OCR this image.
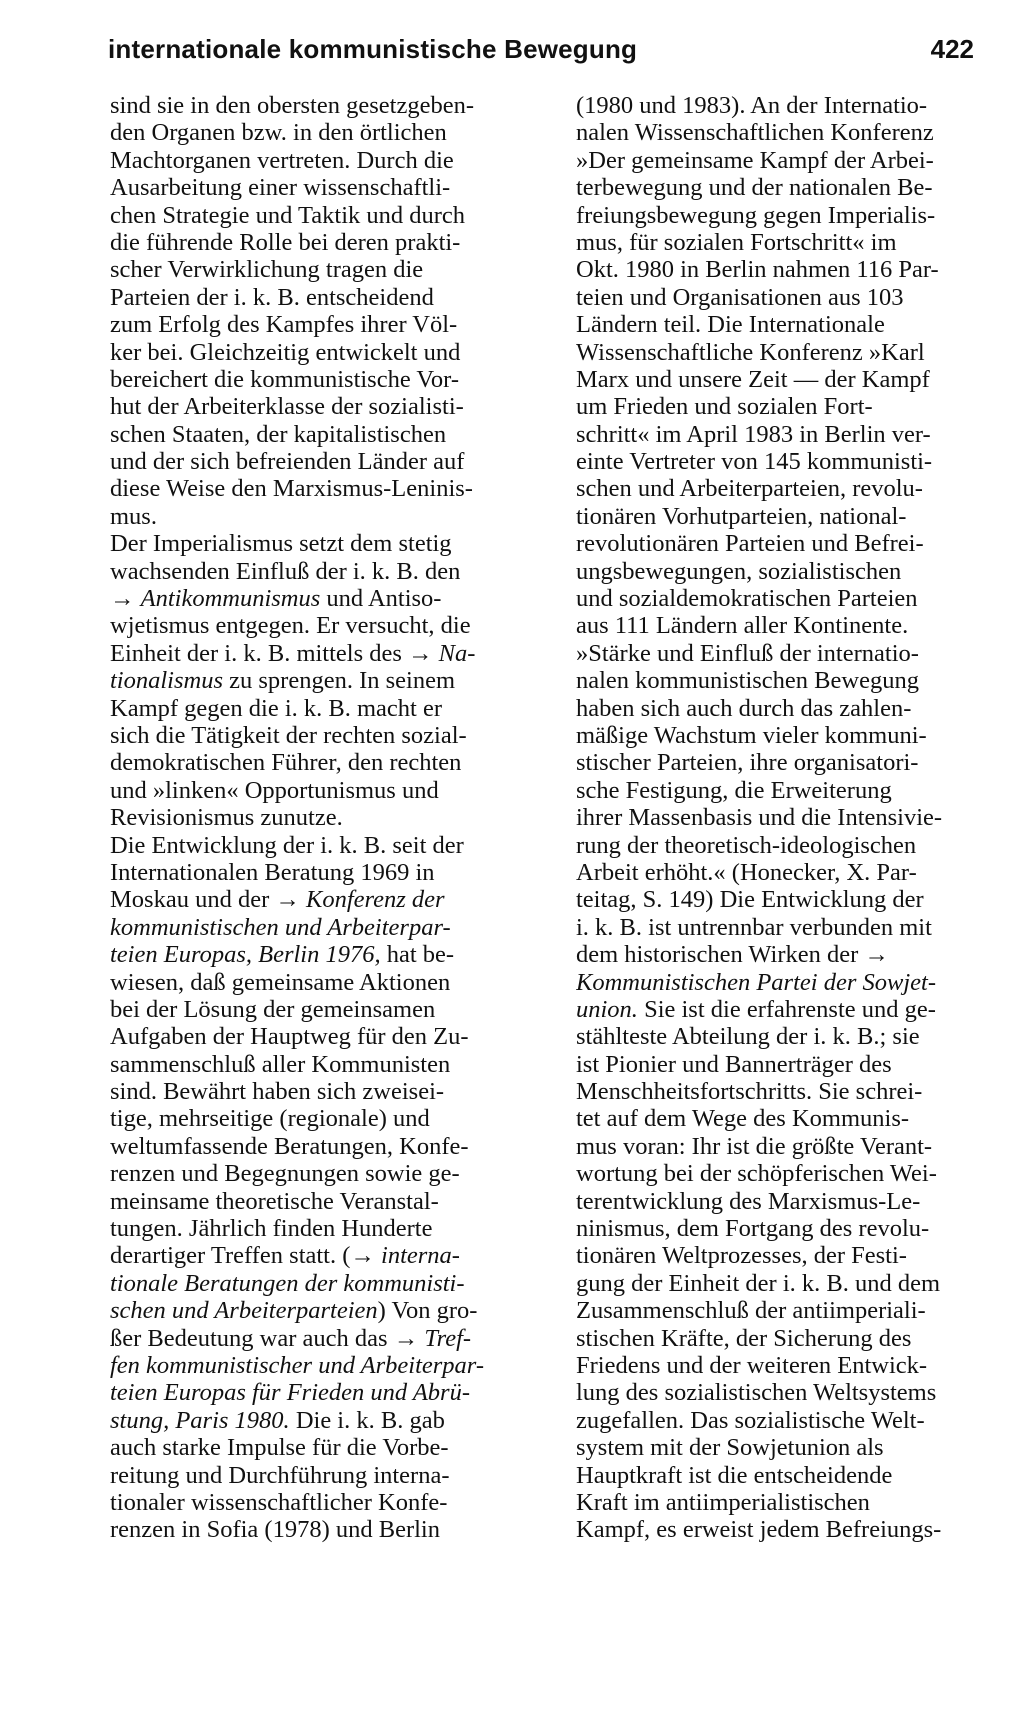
internationale kommunistische Bewegung	422
sind sie in den obersten gesetzgeben-
den Organen bzw. in den örtlichen
Machtorganen vertreten. Durch die
Ausarbeitung einer wissenschaftli-
chen Strategie und Taktik und durch
die führende Rolle bei deren prakti-
scher Verwirklichung tragen die
Parteien der i. k. B. entscheidend
zum Erfolg des Kampfes ihrer Völ-
ker bei. Gleichzeitig entwickelt und
bereichert die kommunistische Vor-
hut der Arbeiterklasse der sozialisti-
schen Staaten, der kapitalistischen
und der sich befreienden Länder auf
diese Weise den Marxismus-Leninis-
mus.
Der Imperialismus setzt dem stetig
wachsenden Einfluß der i. k. B. den
→ Antikommunismus und Antiso-
wjetismus entgegen. Er versucht, die
Einheit der i. k. B. mittels des → Na-
tionalismus zu sprengen. In seinem
Kampf gegen die i. k. B. macht er
sich die Tätigkeit der rechten sozial-
demokratischen Führer, den rechten
und »linken« Opportunismus und
Revisionismus zunutze.
Die Entwicklung der i. k. B. seit der
Internationalen Beratung 1969 in
Moskau und der → Konferenz der
kommunistischen und Arbeiterpar-
teien Europas, Berlin 1976, hat be-
wiesen, daß gemeinsame Aktionen
bei der Lösung der gemeinsamen
Aufgaben der Hauptweg für den Zu-
sammenschluß aller Kommunisten
sind. Bewährt haben sich zweisei-
tige, mehrseitige (regionale) und
weltumfassende Beratungen, Konfe-
renzen und Begegnungen sowie ge-
meinsame theoretische Veranstal-
tungen. Jährlich finden Hunderte
derartiger Treffen statt. (→ interna-
tionale Beratungen der kommunisti-
schen und Arbeiterparteien) Von gro-
ßer Bedeutung war auch das → Tref-
fen kommunistischer und Arbeiterpar-
teien Europas für Frieden und Abrü-
stung, Paris 1980. Die i. k. B. gab
auch starke Impulse für die Vorbe-
reitung und Durchführung interna-
tionaler wissenschaftlicher Konfe-
renzen in Sofia (1978) und Berlin
(1980 und 1983). An der Internatio-
nalen Wissenschaftlichen Konferenz
»Der gemeinsame Kampf der Arbei-
terbewegung und der nationalen Be-
freiungsbewegung gegen Imperialis-
mus, für sozialen Fortschritt« im
Okt. 1980 in Berlin nahmen 116 Par-
teien und Organisationen aus 103
Ländern teil. Die Internationale
Wissenschaftliche Konferenz »Karl
Marx und unsere Zeit — der Kampf
um Frieden und sozialen Fort-
schritt« im April 1983 in Berlin ver-
einte Vertreter von 145 kommunisti-
schen und Arbeiterparteien, revolu-
tionären Vorhutparteien, national-
revolutionären Parteien und Befrei-
ungsbewegungen, sozialistischen
und sozialdemokratischen Parteien
aus 111 Ländern aller Kontinente.
»Stärke und Einfluß der internatio-
nalen kommunistischen Bewegung
haben sich auch durch das zahlen-
mäßige Wachstum vieler kommuni-
stischer Parteien, ihre organisatori-
sche Festigung, die Erweiterung
ihrer Massenbasis und die Intensivie-
rung der theoretisch-ideologischen
Arbeit erhöht.« (Honecker, X. Par-
teitag, S. 149) Die Entwicklung der
i. k. B. ist untrennbar verbunden mit
dem historischen Wirken der →
Kommunistischen Partei der Sowjet-
union. Sie ist die erfahrenste und ge-
stählteste Abteilung der i. k. B.; sie
ist Pionier und Bannerträger des
Menschheitsfortschritts. Sie schrei-
tet auf dem Wege des Kommunis-
mus voran: Ihr ist die größte Verant-
wortung bei der schöpferischen Wei-
terentwicklung des Marxismus-Le-
ninismus, dem Fortgang des revolu-
tionären Weltprozesses, der Festi-
gung der Einheit der i. k. B. und dem
Zusammenschluß der antiimperiali-
stischen Kräfte, der Sicherung des
Friedens und der weiteren Entwick-
lung des sozialistischen Weltsystems
zugefallen. Das sozialistische Welt-
system mit der Sowjetunion als
Hauptkraft ist die entscheidende
Kraft im antiimperialistischen
Kampf, es erweist jedem Befreiungs-
